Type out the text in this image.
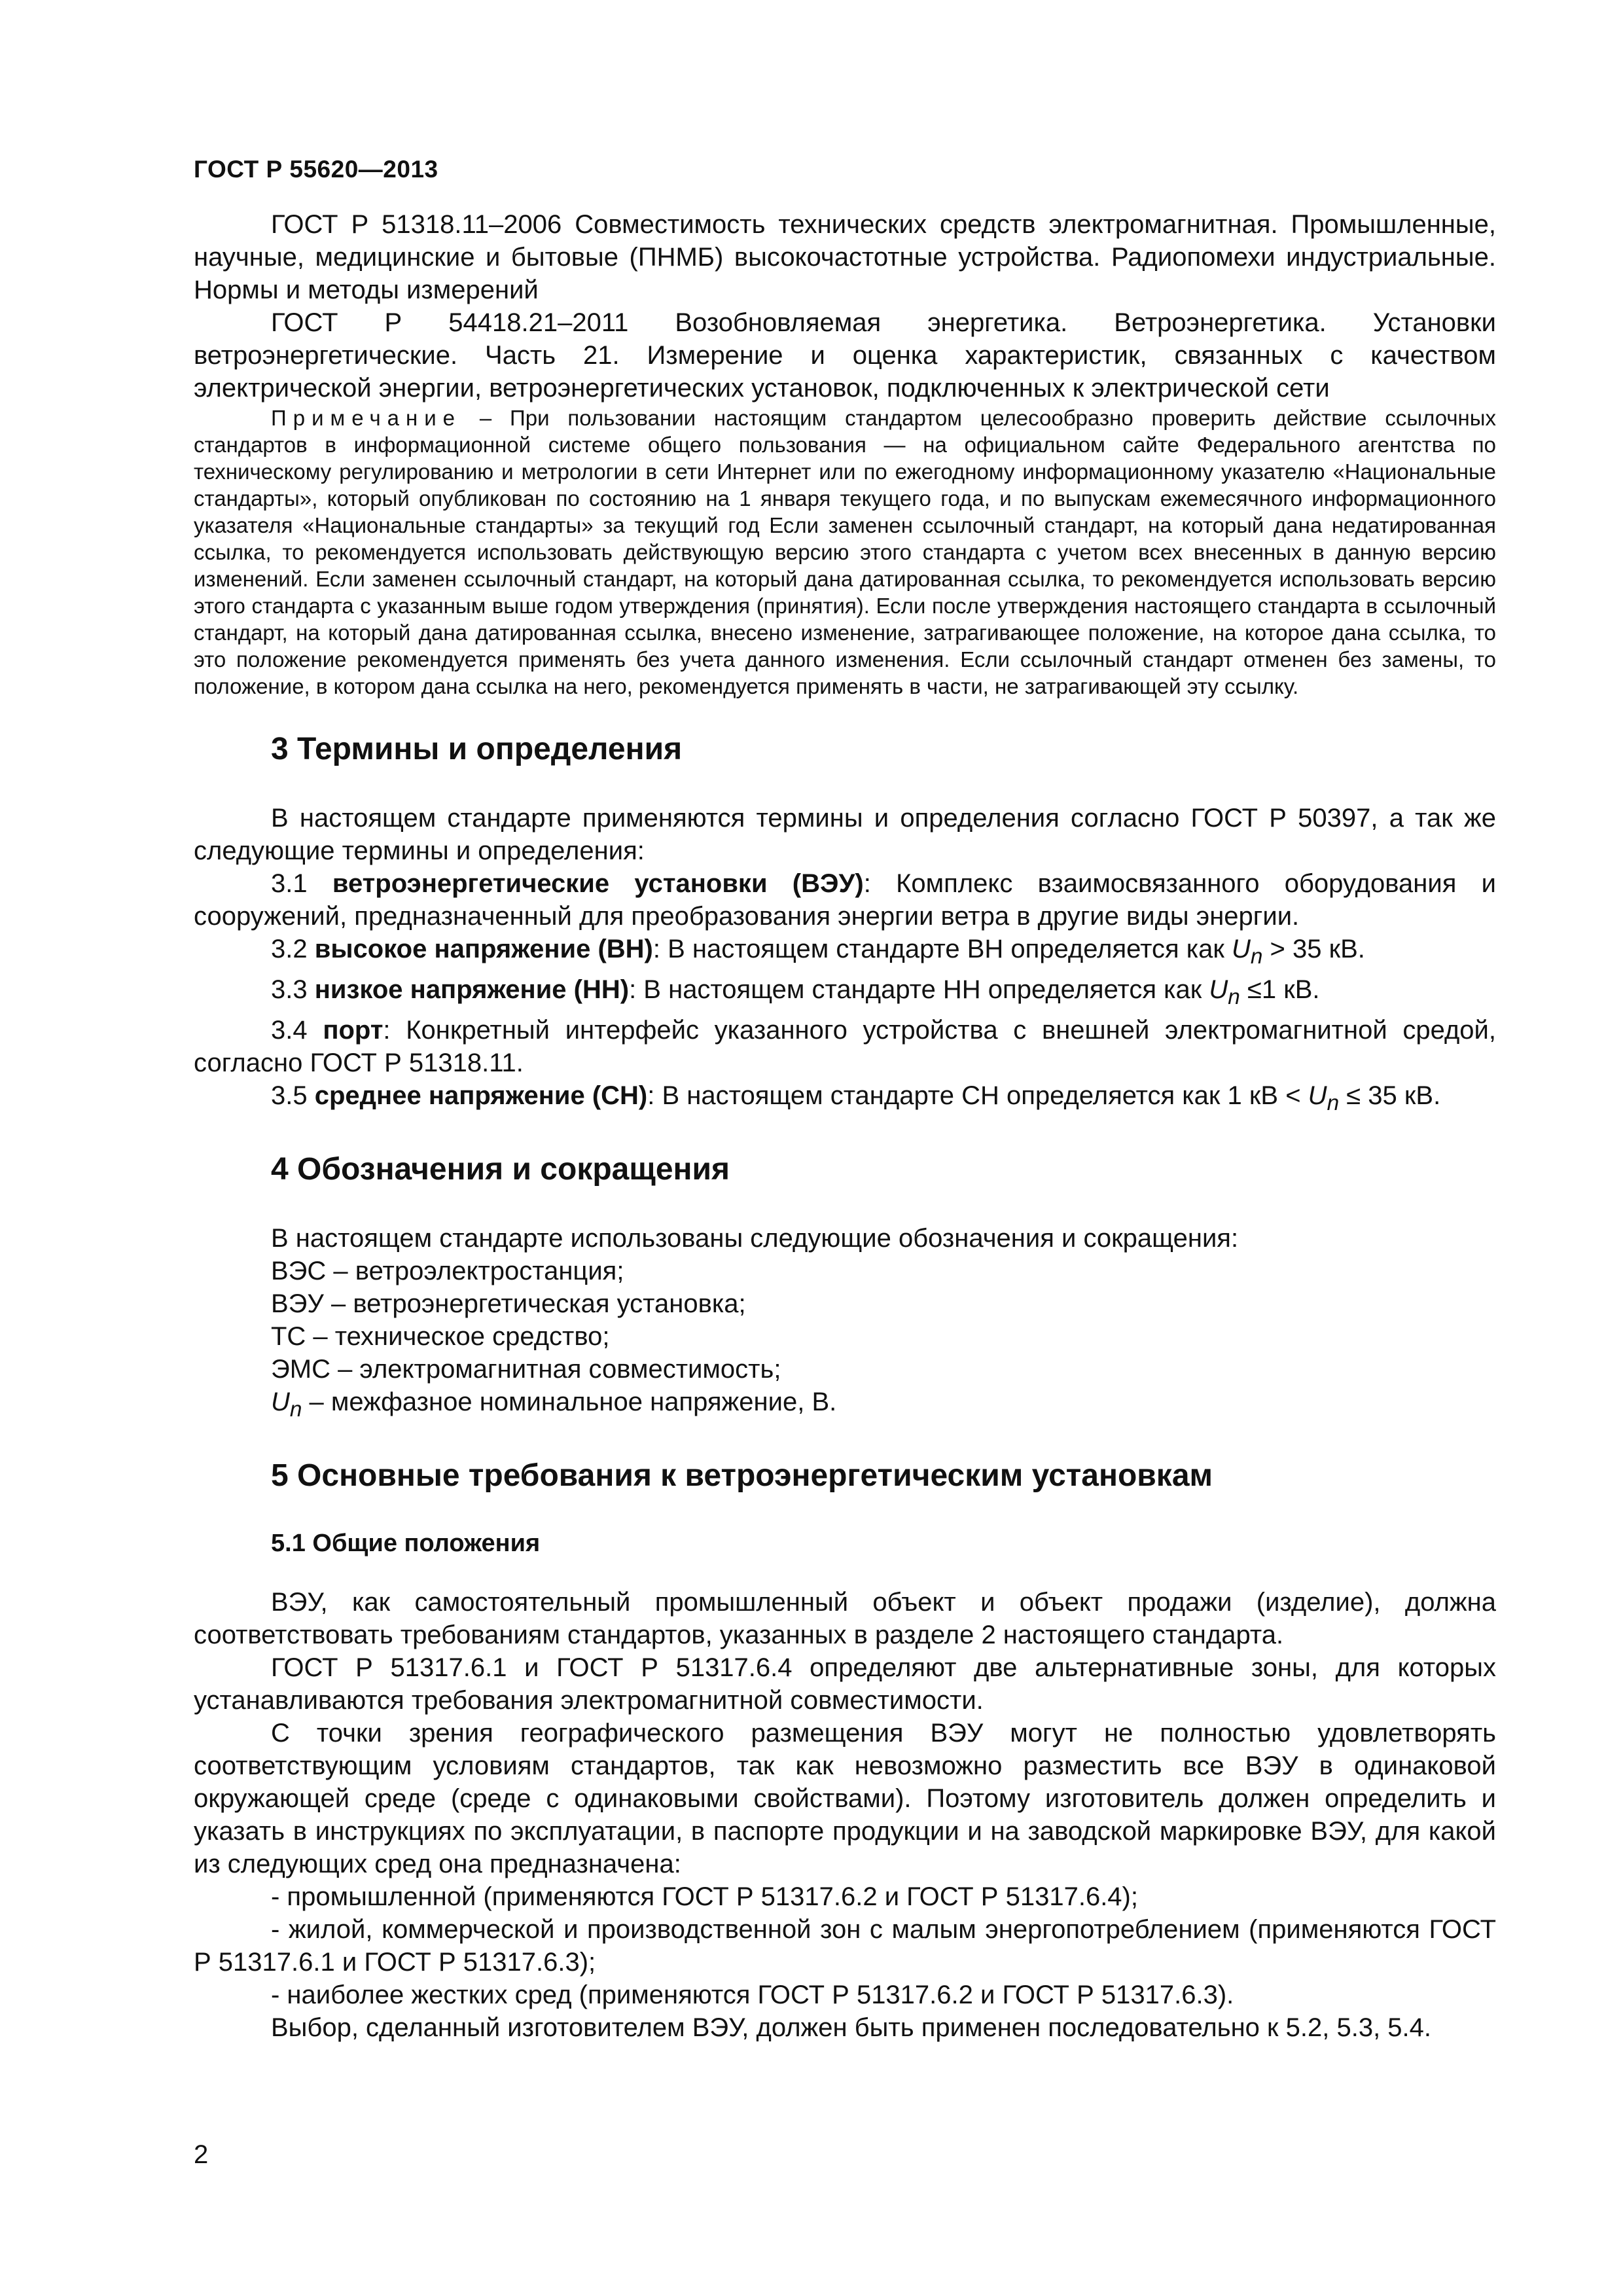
ГОСТ Р 55620—2013

ГОСТ Р 51318.11–2006 Совместимость технических средств электромагнитная. Промышленные, научные, медицинские и бытовые (ПНМБ) высокочастотные устройства. Радиопомехи индустриальные. Нормы и методы измерений

ГОСТ Р 54418.21–2011 Возобновляемая энергетика. Ветроэнергетика. Установки ветроэнергетические. Часть 21. Измерение и оценка характеристик, связанных с качеством электрической энергии, ветроэнергетических установок, подключенных к электрической сети

Примечание – При пользовании настоящим стандартом целесообразно проверить действие ссылочных стандартов в информационной системе общего пользования — на официальном сайте Федерального агентства по техническому регулированию и метрологии в сети Интернет или по ежегодному информационному указателю «Национальные стандарты», который опубликован по состоянию на 1 января текущего года, и по выпускам ежемесячного информационного указателя «Национальные стандарты» за текущий год Если заменен ссылочный стандарт, на который дана недатированная ссылка, то рекомендуется использовать действующую версию этого стандарта с учетом всех внесенных в данную версию изменений. Если заменен ссылочный стандарт, на который дана датированная ссылка, то рекомендуется использовать версию этого стандарта с указанным выше годом утверждения (принятия). Если после утверждения настоящего стандарта в ссылочный стандарт, на который дана датированная ссылка, внесено изменение, затрагивающее положение, на которое дана ссылка, то это положение рекомендуется применять без учета данного изменения. Если ссылочный стандарт отменен без замены, то положение, в котором дана ссылка на него, рекомендуется применять в части, не затрагивающей эту ссылку.

3 Термины и определения

В настоящем стандарте применяются термины и определения согласно ГОСТ Р 50397, а так же следующие термины и определения:

3.1 ветроэнергетические установки (ВЭУ): Комплекс взаимосвязанного оборудования и сооружений, предназначенный для преобразования энергии ветра в другие виды энергии.

3.2 высокое напряжение (ВН): В настоящем стандарте ВН определяется как $U_n > 35$ кВ.

3.3 низкое напряжение (НН): В настоящем стандарте НН определяется как $U_n \le 1$ кВ.

3.4 порт: Конкретный интерфейс указанного устройства с внешней электромагнитной средой, согласно ГОСТ Р 51318.11.

3.5 среднее напряжение (СН): В настоящем стандарте СН определяется как 1 кВ < $U_n \le 35$ кВ.

4 Обозначения и сокращения

В настоящем стандарте использованы следующие обозначения и сокращения:

ВЭС – ветроэлектростанция;

ВЭУ – ветроэнергетическая установка;

ТС – техническое средство;

ЭМС – электромагнитная совместимость;

$U_n$ – межфазное номинальное напряжение, В.

5 Основные требования к ветроэнергетическим установкам
5.1 Общие положения

ВЭУ, как самостоятельный промышленный объект и объект продажи (изделие), должна соответствовать требованиям стандартов, указанных в разделе 2 настоящего стандарта.

ГОСТ Р 51317.6.1 и ГОСТ Р 51317.6.4 определяют две альтернативные зоны, для которых устанавливаются требования электромагнитной совместимости.

С точки зрения географического размещения ВЭУ могут не полностью удовлетворять соответствующим условиям стандартов, так как невозможно разместить все ВЭУ в одинаковой окружающей среде (среде с одинаковыми свойствами). Поэтому изготовитель должен определить и указать в инструкциях по эксплуатации, в паспорте продукции и на заводской маркировке ВЭУ, для какой из следующих сред она предназначена:

- промышленной (применяются ГОСТ Р 51317.6.2 и ГОСТ Р 51317.6.4);

- жилой, коммерческой и производственной зон с малым энергопотреблением (применяются ГОСТ Р 51317.6.1 и ГОСТ Р 51317.6.3);

- наиболее жестких сред (применяются ГОСТ Р 51317.6.2 и ГОСТ Р 51317.6.3).

Выбор, сделанный изготовителем ВЭУ, должен быть применен последовательно к 5.2, 5.3, 5.4.

2
